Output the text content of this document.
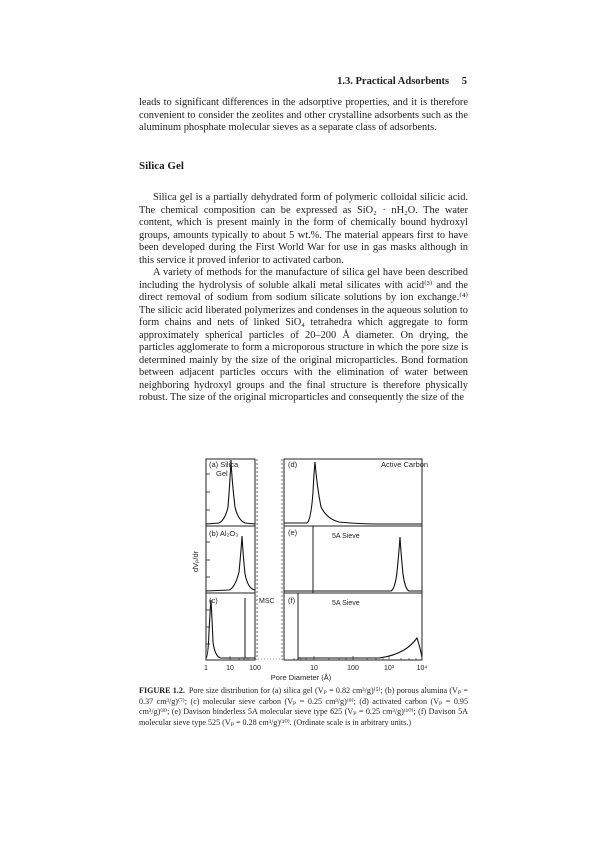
1.3. Practical Adsorbents 5

leads to significant differences in the adsorptive properties, and it is therefore convenient to consider the zeolites and other crystalline adsorbents such as the aluminum phosphate molecular sieves as a separate class of adsorbents.

Silica Gel

Silica gel is a partially dehydrated form of polymeric colloidal silicic acid. The chemical composition can be expressed as SiO₂ · nH₂O. The water content, which is present mainly in the form of chemically bound hydroxyl groups, amounts typically to about 5 wt.%. The material appears first to have been developed during the First World War for use in gas masks although in this service it proved inferior to activated carbon.

A variety of methods for the manufacture of silica gel have been described including the hydrolysis of soluble alkali metal silicates with acid⁽³⁾ and the direct removal of sodium from sodium silicate solutions by ion exchange.⁽⁴⁾ The silicic acid liberated polymerizes and condenses in the aqueous solution to form chains and nets of linked SiO₄ tetrahedra which aggregate to form approximately spherical particles of 20–200 Å diameter. On drying, the particles agglomerate to form a microporous structure in which the pore size is determined mainly by the size of the original microparticles. Bond formation between adjacent particles occurs with the elimination of water between neighboring hydroxyl groups and the final structure is therefore physically robust. The size of the original microparticles and consequently the size of the

(a) Silica
Gel
(b) Al₂O₃
(c)
(d)
(e)
(f)
Active Carbon
5A Sieve
5A Sieve
MSC
dVₚ/dr
1	10 100	10	100	10³	10⁴
Pore Diameter (Å)
FIGURE 1.2. Pore size distribution for (a) silica gel (Vₚ = 0.82 cm³/g)⁽⁵⁾; (b) porous alumina (Vₚ = 0.37 cm³/g)⁽⁷⁾; (c) molecular sieve carbon (Vₚ = 0.25 cm³/g)⁽⁹⁾; (d) activated carbon (Vₚ = 0.95 cm³/g)⁽⁸⁾; (e) Davison binderless 5A molecular sieve type 625 (Vₚ = 0.25 cm³/g)⁽¹⁰⁾; (f) Davison 5A molecular sieve type 525 (Vₚ = 0.28 cm³/g)⁽¹⁰⁾. (Ordinate scale is in arbitrary units.)
